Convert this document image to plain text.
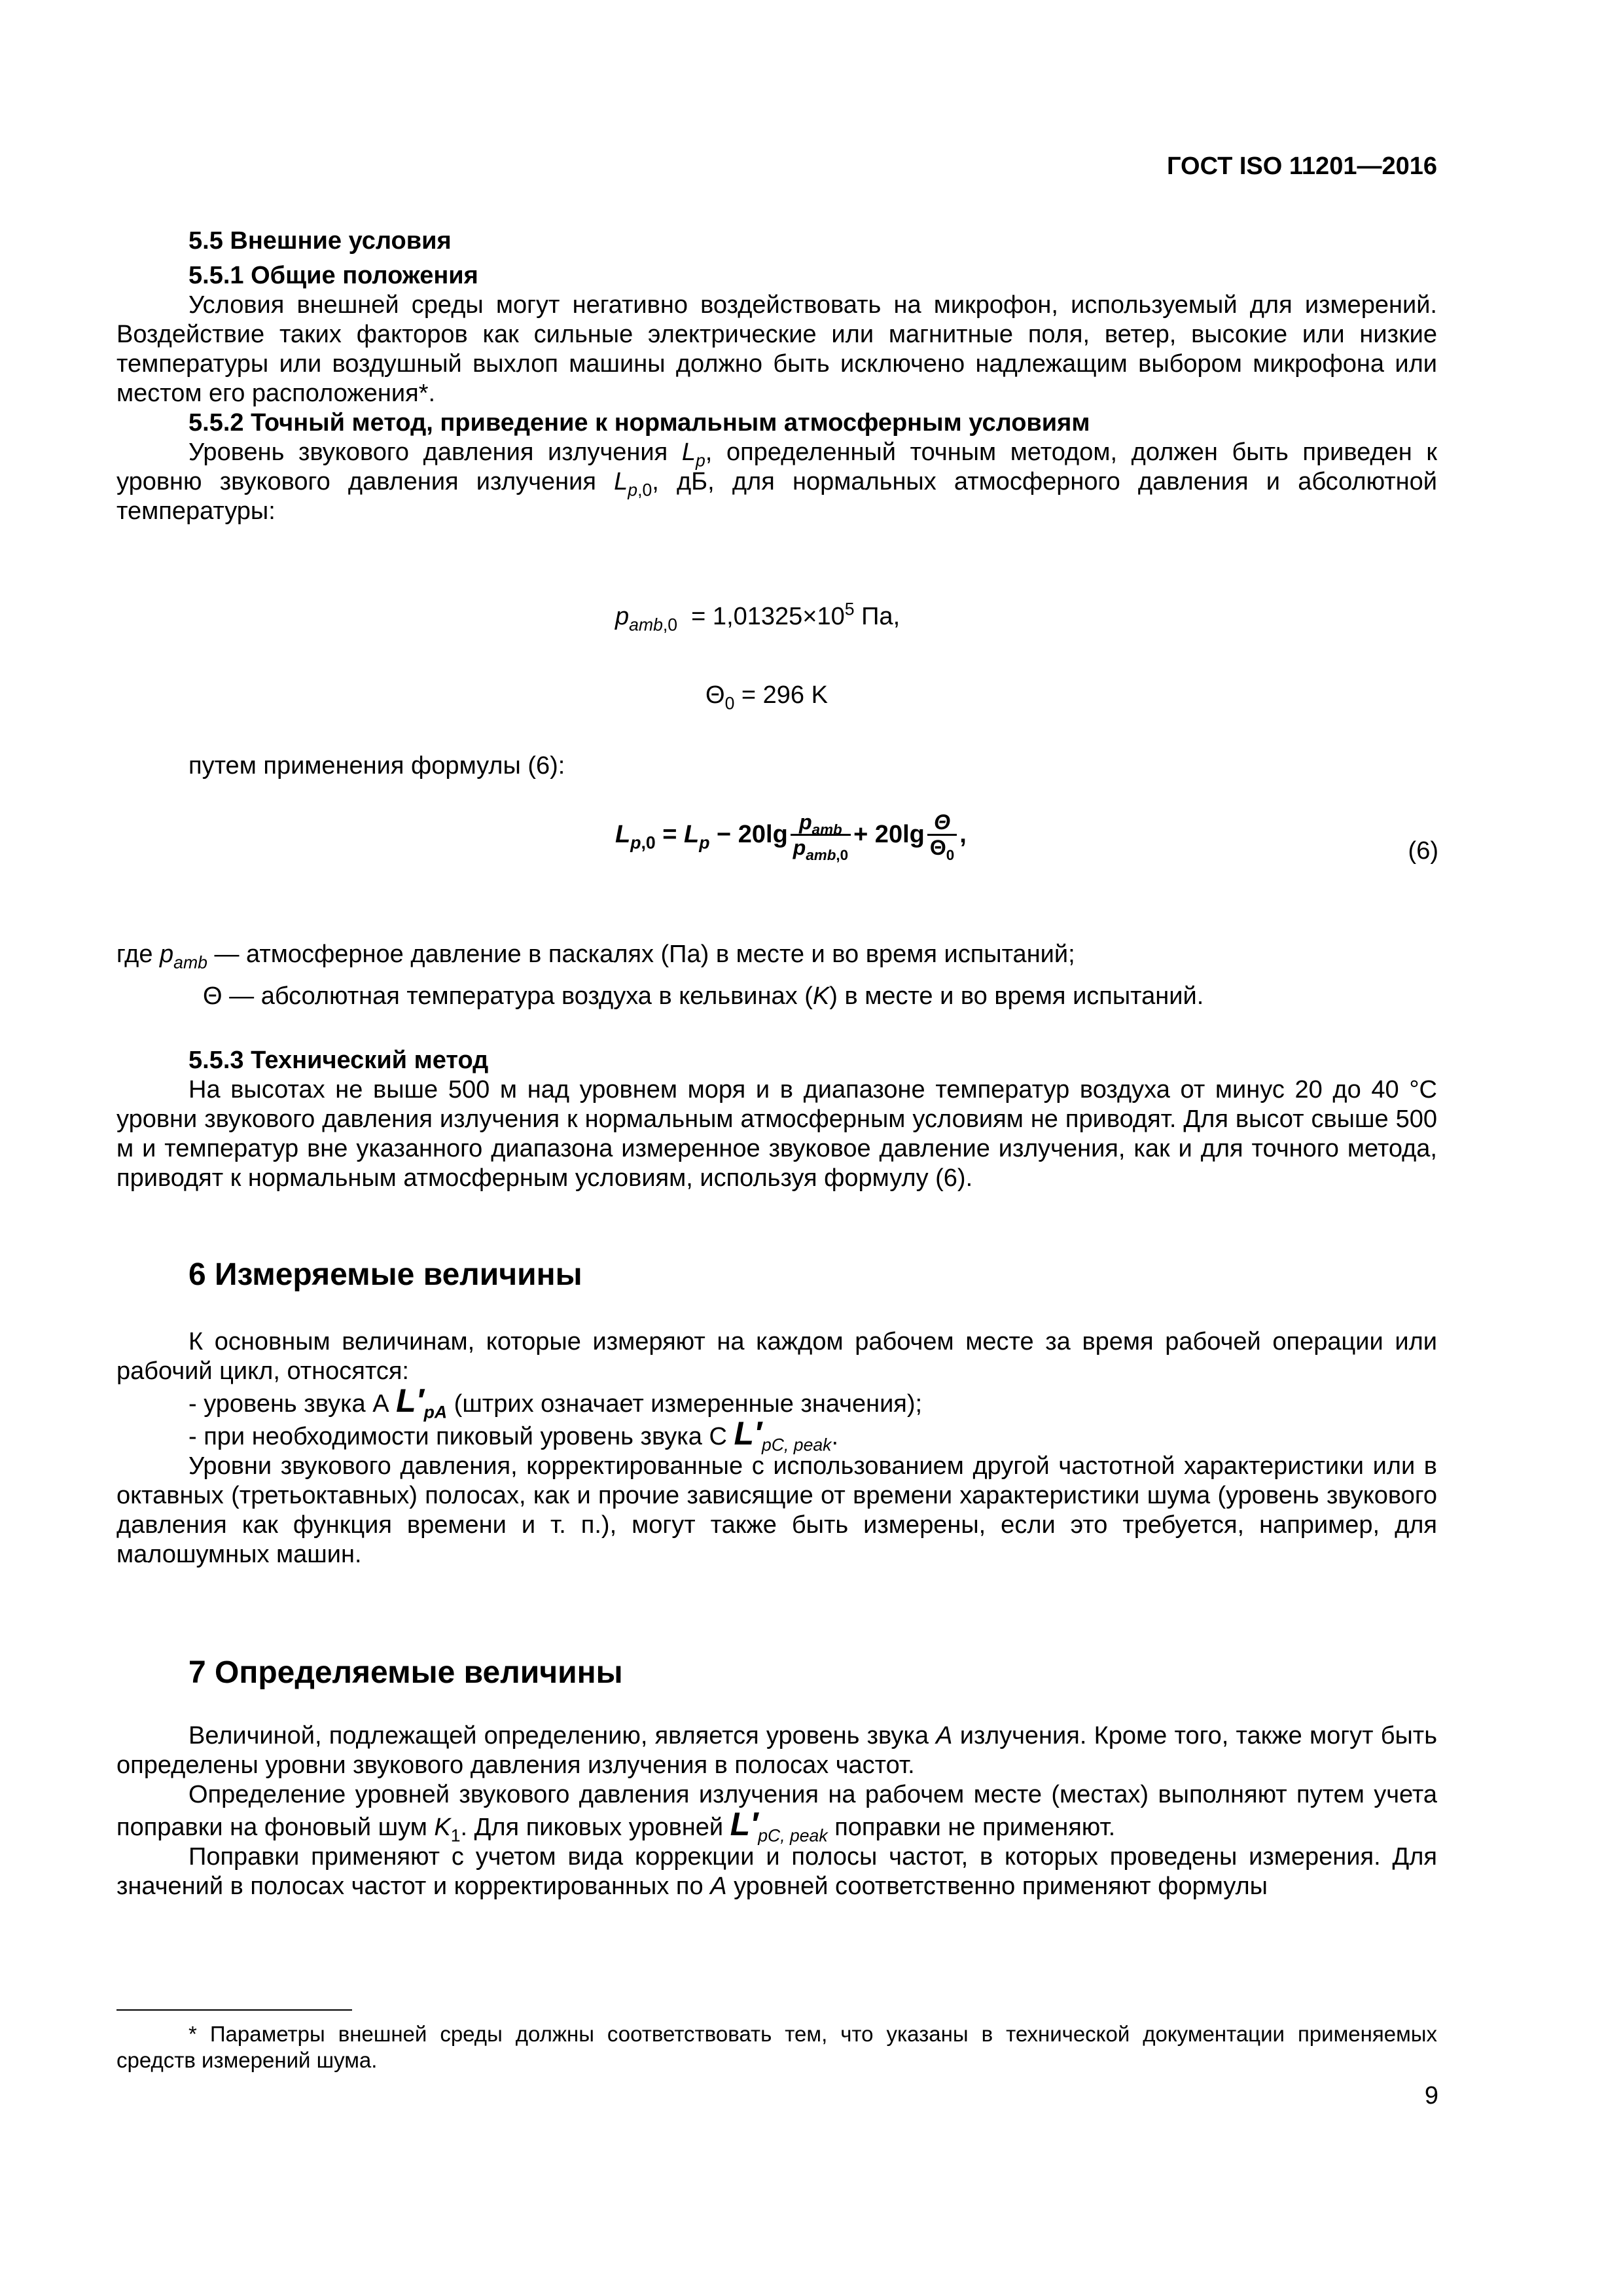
ГОСТ ISO 11201—2016
5.5 Внешние условия
5.5.1 Общие положения

Условия внешней среды могут негативно воздействовать на микрофон, используемый для измерений. Воздействие таких факторов как сильные электрические или магнитные поля, ветер, высокие или низкие температуры или воздушный выхлоп машины должно быть исключено надлежащим выбором микрофона или местом его расположения*.

5.5.2 Точный метод, приведение к нормальным атмосферным условиям

Уровень звукового давления излучения $L_p$, определенный точным методом, должен быть приведен к уровню звукового давления излучения $L_{p,0}$, дБ, для нормальных атмосферного давления и абсолютной температуры:

$p_{amb,0} = 1,01325\times 10^5$ Па,
$\Theta_0 = 296$ K
путем применения формулы (6):
$L_{p,0} = L_p - 20\lg \frac{p_{amb}}{p_{amb,0}} + 20\lg \frac{\Theta}{\Theta_0}$ ,
(6)
где $p_{amb}$ — атмосферное давление в паскалях (Па) в месте и во время испытаний;
Θ — абсолютная температура воздуха в кельвинах (K) в месте и во время испытаний.
5.5.3 Технический метод

На высотах не выше 500 м над уровнем моря и в диапазоне температур воздуха от минус 20 до 40 °С уровни звукового давления излучения к нормальным атмосферным условиям не приводят. Для высот свыше 500 м и температур вне указанного диапазона измеренное звуковое давление излучения, как и для точного метода, приводят к нормальным атмосферным условиям, используя формулу (6).

6 Измеряемые величины

К основным величинам, которые измеряют на каждом рабочем месте за время рабочей операции или рабочий цикл, относятся:

- уровень звука А $L'_{pA}$ (штрих означает измеренные значения);
- при необходимости пиковый уровень звука С $L'_{pC, peak}$.

Уровни звукового давления, корректированные с использованием другой частотной характеристики или в октавных (третьоктавных) полосах, как и прочие зависящие от времени характеристики шума (уровень звукового давления как функция времени и т. п.), могут также быть измерены, если это требуется, например, для малошумных машин.

7 Определяемые величины

Величиной, подлежащей определению, является уровень звука A излучения. Кроме того, также могут быть определены уровни звукового давления излучения в полосах частот.

Определение уровней звукового давления излучения на рабочем месте (местах) выполняют путем учета поправки на фоновый шум $K_1$. Для пиковых уровней $L'_{pC, peak}$ поправки не применяют.

Поправки применяют с учетом вида коррекции и полосы частот, в которых проведены измерения. Для значений в полосах частот и корректированных по A уровней соответственно применяют формулы

* Параметры внешней среды должны соответствовать тем, что указаны в технической документации применяемых средств измерений шума.

9
